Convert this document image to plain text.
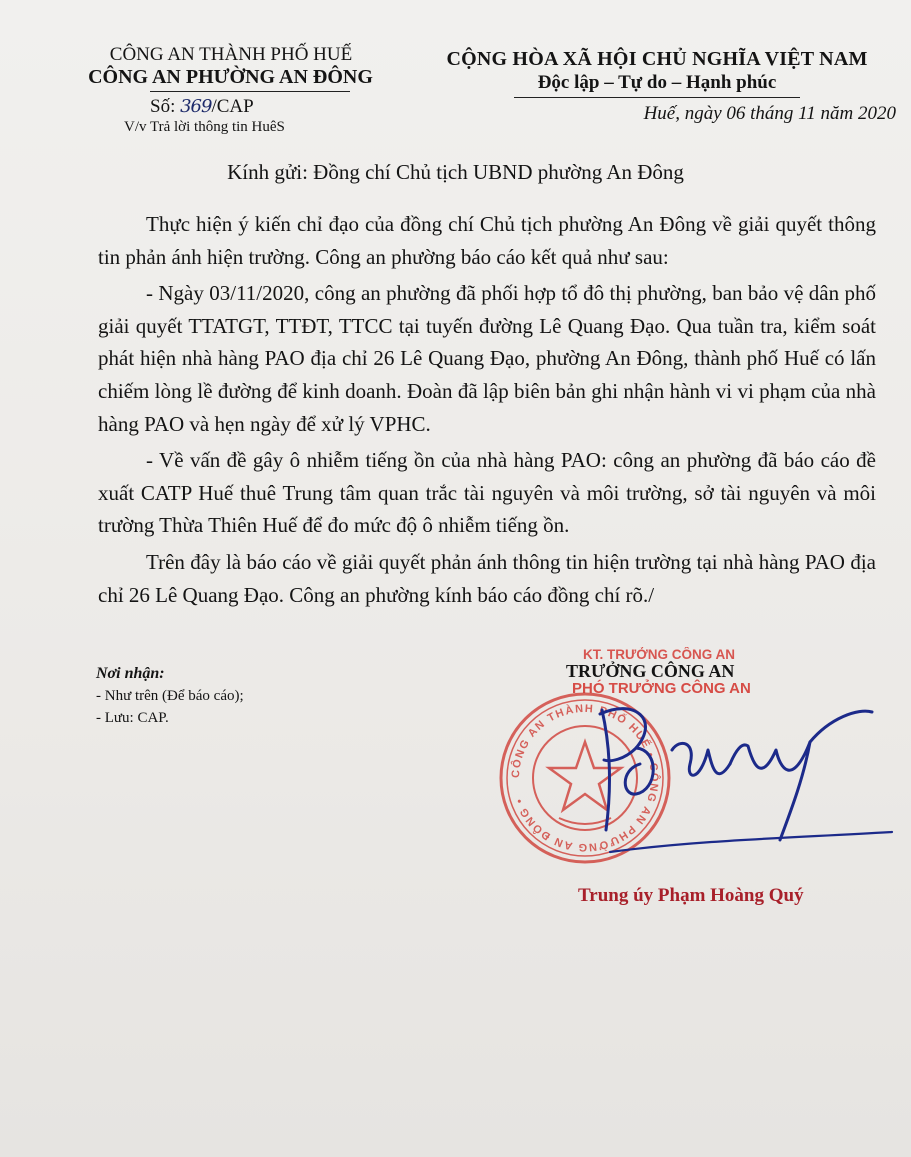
CÔNG AN THÀNH PHỐ HUẾ
CÔNG AN PHƯỜNG AN ĐÔNG
Số: 369/CAP
V/v Trả lời thông tin HuêS
CỘNG HÒA XÃ HỘI CHỦ NGHĨA VIỆT NAM
Độc lập – Tự do – Hạnh phúc
Huế, ngày 06 tháng 11 năm 2020
Kính gửi: Đồng chí Chủ tịch UBND phường An Đông

Thực hiện ý kiến chỉ đạo của đồng chí Chủ tịch phường An Đông về giải quyết thông tin phản ánh hiện trường. Công an phường báo cáo kết quả như sau:

- Ngày 03/11/2020, công an phường đã phối hợp tổ đô thị phường, ban bảo vệ dân phố giải quyết TTATGT, TTĐT, TTCC tại tuyến đường Lê Quang Đạo. Qua tuần tra, kiểm soát phát hiện nhà hàng PAO địa chỉ 26 Lê Quang Đạo, phường An Đông, thành phố Huế có lấn chiếm lòng lề đường để kinh doanh. Đoàn đã lập biên bản ghi nhận hành vi vi phạm của nhà hàng PAO và hẹn ngày để xử lý VPHC.

- Về vấn đề gây ô nhiễm tiếng ồn của nhà hàng PAO: công an phường đã báo cáo đề xuất CATP Huế thuê Trung tâm quan trắc tài nguyên và môi trường, sở tài nguyên và môi trường Thừa Thiên Huế để đo mức độ ô nhiễm tiếng ồn.

Trên đây là báo cáo về giải quyết phản ánh thông tin hiện trường tại nhà hàng PAO địa chỉ 26 Lê Quang Đạo. Công an phường kính báo cáo đồng chí rõ./

Nơi nhận:
- Như trên (Để báo cáo);
- Lưu: CAP.
CÔNG AN THÀNH PHỐ HUẾ • CÔNG AN PHƯỜNG AN ĐÔNG •
KT. TRƯỞNG CÔNG AN
TRƯỞNG CÔNG AN
PHÓ TRƯỞNG CÔNG AN
Trung úy Phạm Hoàng Quý
